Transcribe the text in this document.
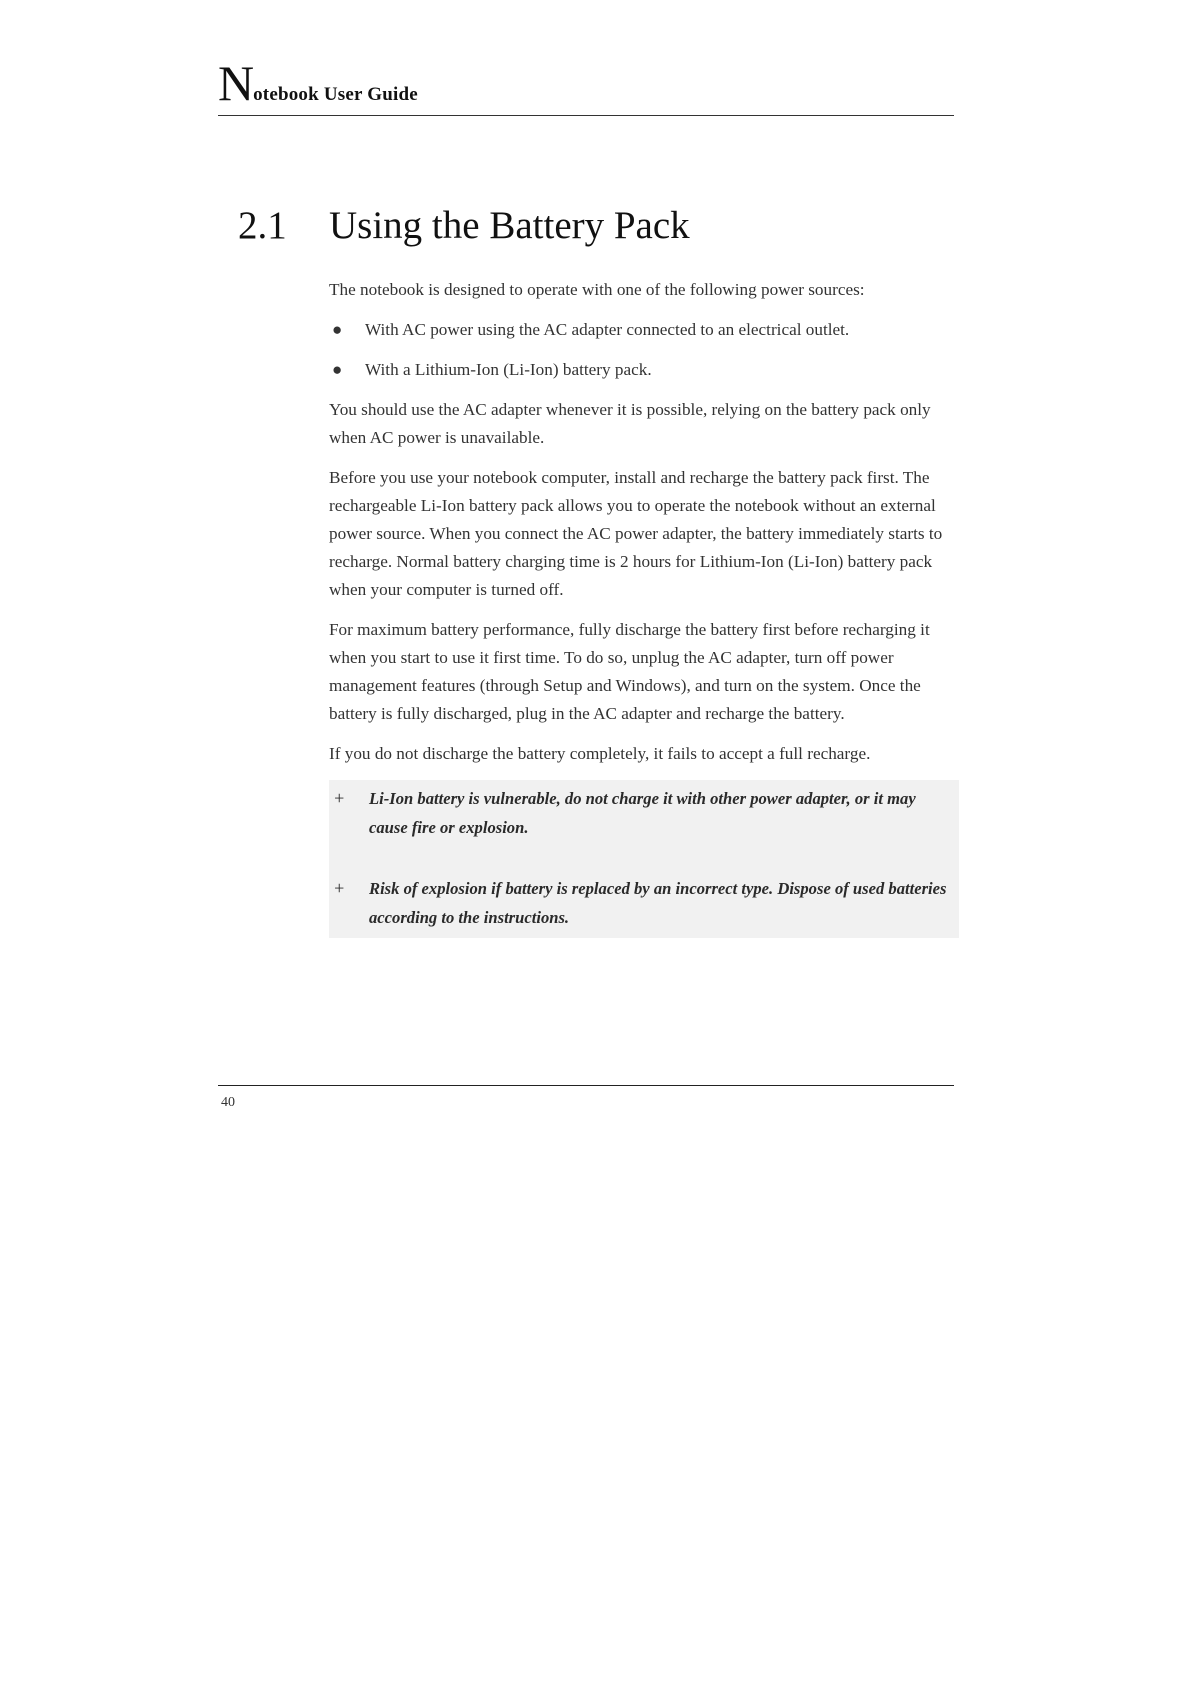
Notebook User Guide
2.1 Using the Battery Pack

The notebook is designed to operate with one of the following power sources:

● With AC power using the AC adapter connected to an electrical outlet.
● With a Lithium-Ion (Li-Ion) battery pack.

You should use the AC adapter whenever it is possible, relying on the battery pack only when AC power is unavailable.

Before you use your notebook computer, install and recharge the battery pack first. The rechargeable Li-Ion battery pack allows you to operate the notebook without an external power source. When you connect the AC power adapter, the battery immediately starts to recharge. Normal battery charging time is 2 hours for Lithium-Ion (Li-Ion) battery pack when your computer is turned off.

For maximum battery performance, fully discharge the battery first before recharging it when you start to use it first time. To do so, unplug the AC adapter, turn off power management features (through Setup and Windows), and turn on the system. Once the battery is fully discharged, plug in the AC adapter and recharge the battery.

If you do not discharge the battery completely, it fails to accept a full recharge.

+ Li-Ion battery is vulnerable, do not charge it with other power adapter, or it may cause fire or explosion.
+ Risk of explosion if battery is replaced by an incorrect type. Dispose of used batteries according to the instructions.
40
